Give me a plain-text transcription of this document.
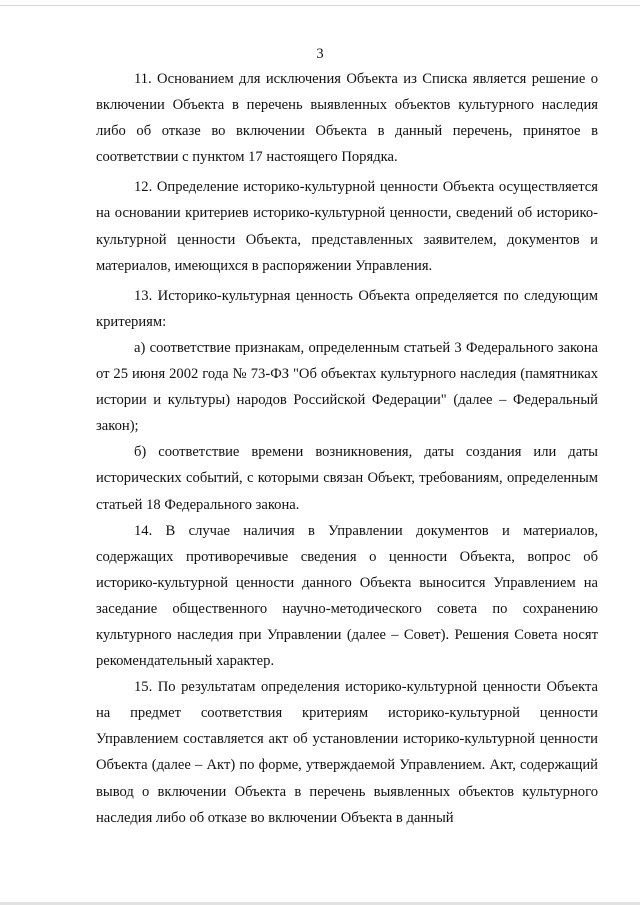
3

11. Основанием для исключения Объекта из Списка является решение о включении Объекта в перечень выявленных объектов культурного наследия либо об отказе во включении Объекта в данный перечень, принятое в соответствии с пунктом 17 настоящего Порядка.

12. Определение историко-культурной ценности Объекта осуществляется на основании критериев историко-культурной ценности, сведений об историко-культурной ценности Объекта, представленных заявителем, документов и материалов, имеющихся в распоряжении Управления.

13. Историко-культурная ценность Объекта определяется по следующим критериям:

а) соответствие признакам, определенным статьей 3 Федерального закона от 25 июня 2002 года № 73-ФЗ "Об объектах культурного наследия (памятниках истории и культуры) народов Российской Федерации" (далее – Федеральный закон);

б) соответствие времени возникновения, даты создания или даты исторических событий, с которыми связан Объект, требованиям, определенным статьей 18 Федерального закона.

14. В случае наличия в Управлении документов и материалов, содержащих противоречивые сведения о ценности Объекта, вопрос об историко-культурной ценности данного Объекта выносится Управлением на заседание общественного научно-методического совета по сохранению культурного наследия при Управлении (далее – Совет). Решения Совета носят рекомендательный характер.

15. По результатам определения историко-культурной ценности Объекта на предмет соответствия критериям историко-культурной ценности Управлением составляется акт об установлении историко-культурной ценности Объекта (далее – Акт) по форме, утверждаемой Управлением. Акт, содержащий вывод о включении Объекта в перечень выявленных объектов культурного наследия либо об отказе во включении Объекта в данный
